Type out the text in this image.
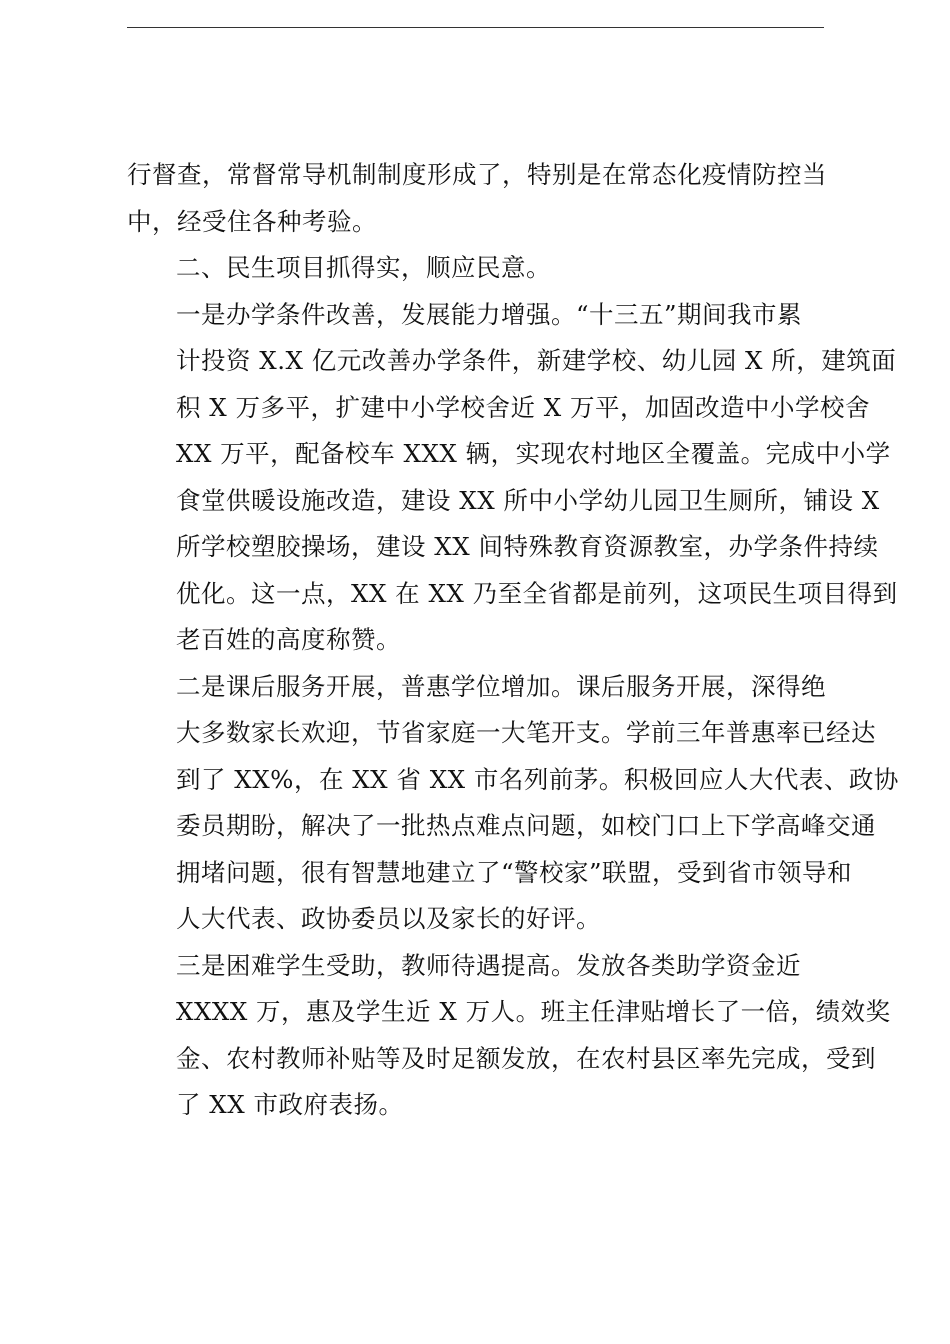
行督查，常督常导机制制度形成了，特别是在常态化疫情防控当
中，经受住各种考验。

二、民生项目抓得实，顺应民意。

一是办学条件改善，发展能力增强。“十三五”期间我市累
计投资 X.X 亿元改善办学条件，新建学校、幼儿园 X 所，建筑面
积 X 万多平，扩建中小学校舍近 X 万平，加固改造中小学校舍
XX 万平，配备校车 XXX 辆，实现农村地区全覆盖。完成中小学
食堂供暖设施改造，建设 XX 所中小学幼儿园卫生厕所，铺设 X
所学校塑胶操场，建设 XX 间特殊教育资源教室，办学条件持续
优化。这一点，XX 在 XX 乃至全省都是前列，这项民生项目得到
老百姓的高度称赞。

二是课后服务开展，普惠学位增加。课后服务开展，深得绝
大多数家长欢迎，节省家庭一大笔开支。学前三年普惠率已经达
到了 XX%，在 XX 省 XX 市名列前茅。积极回应人大代表、政协
委员期盼，解决了一批热点难点问题，如校门口上下学高峰交通
拥堵问题，很有智慧地建立了“警校家”联盟，受到省市领导和
人大代表、政协委员以及家长的好评。

三是困难学生受助，教师待遇提高。发放各类助学资金近
XXXX 万，惠及学生近 X 万人。班主任津贴增长了一倍，绩效奖
金、农村教师补贴等及时足额发放，在农村县区率先完成，受到
了 XX 市政府表扬。
